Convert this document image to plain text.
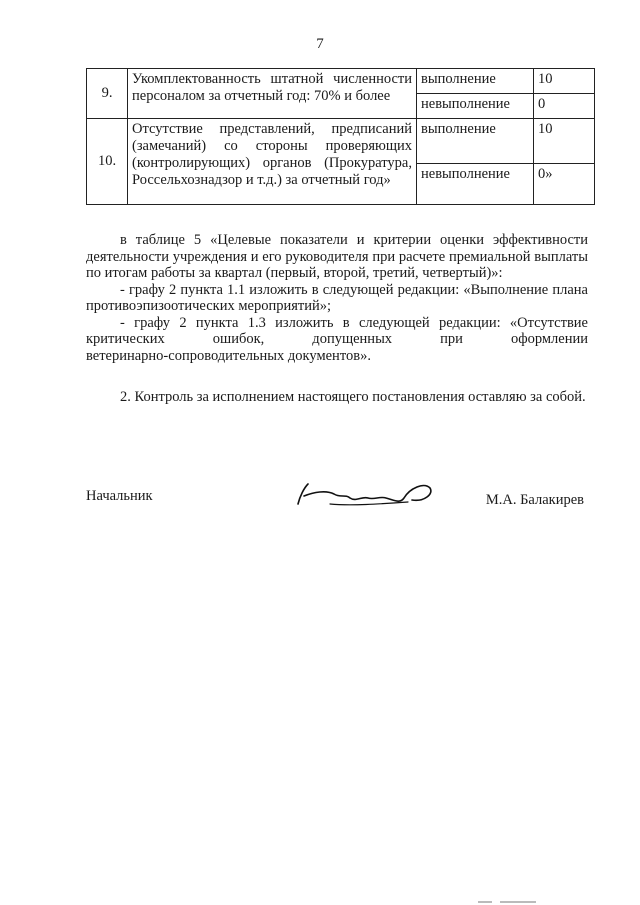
7
9.	Укомплектованность штатной численности персоналом за отчетный год: 70% и более	выполнение	10
		невыполнение	0
10.	Отсутствие представлений, предписаний (замечаний) со стороны проверяющих (контролирующих) органов (Прокуратура, Россельхознадзор и т.д.) за отчетный год»	выполнение	10
		невыполнение	0»

в таблице 5 «Целевые показатели и критерии оценки эффективности деятельности учреждения и его руководителя при расчете премиальной выплаты по итогам работы за квартал (первый, второй, третий, четвертый)»:

- графу 2 пункта 1.1 изложить в следующей редакции: «Выполнение плана противоэпизоотических мероприятий»;

- графу 2 пункта 1.3 изложить в следующей редакции: «Отсутствие

критических ошибок, допущенных при оформлении

ветеринарно-сопроводительных документов».

2. Контроль за исполнением настоящего постановления оставляю за собой.

Начальник	М.А. Балакирев
